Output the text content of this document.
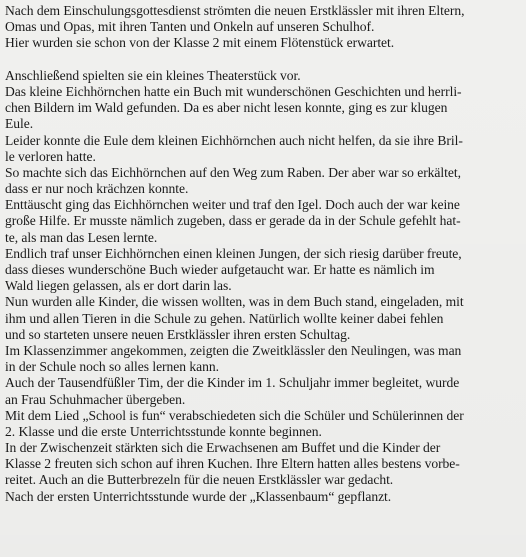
Nach dem Einschulungsgottesdienst strömten die neuen Erstklässler mit ihren Eltern,
Omas und Opas, mit ihren Tanten und Onkeln auf unseren Schulhof.
Hier wurden sie schon von der Klasse 2 mit einem Flötenstück erwartet.
Anschließend spielten sie ein kleines Theaterstück vor.
Das kleine Eichhörnchen hatte ein Buch mit wunderschönen Geschichten und herrli-
chen Bildern im Wald gefunden. Da es aber nicht lesen konnte, ging es zur klugen
Eule.
Leider konnte die Eule dem kleinen Eichhörnchen auch nicht helfen, da sie ihre Bril-
le verloren hatte.
So machte sich das Eichhörnchen auf den Weg zum Raben. Der aber war so erkältet,
dass er nur noch krächzen konnte.
Enttäuscht ging das Eichhörnchen weiter und traf den Igel. Doch auch der war keine
große Hilfe. Er musste nämlich zugeben, dass er gerade da in der Schule gefehlt hat-
te, als man das Lesen lernte.
Endlich traf unser Eichhörnchen einen kleinen Jungen, der sich riesig darüber freute,
dass dieses wunderschöne Buch wieder aufgetaucht war. Er hatte es nämlich im
Wald liegen gelassen, als er dort darin las.
Nun wurden alle Kinder, die wissen wollten, was in dem Buch stand, eingeladen, mit
ihm und allen Tieren in die Schule zu gehen. Natürlich wollte keiner dabei fehlen
und so starteten unsere neuen Erstklässler ihren ersten Schultag.
Im Klassenzimmer angekommen, zeigten die Zweitklässler den Neulingen, was man
in der Schule noch so alles lernen kann.
Auch der Tausendfüßler Tim, der die Kinder im 1. Schuljahr immer begleitet, wurde
an Frau Schuhmacher übergeben.
Mit dem Lied „School is fun“ verabschiedeten sich die Schüler und Schülerinnen der
2. Klasse und die erste Unterrichtsstunde konnte beginnen.
In der Zwischenzeit stärkten sich die Erwachsenen am Buffet und die Kinder der
Klasse 2 freuten sich schon auf ihren Kuchen. Ihre Eltern hatten alles bestens vorbe-
reitet. Auch an die Butterbrezeln für die neuen Erstklässler war gedacht.
Nach der ersten Unterrichtsstunde wurde der „Klassenbaum“ gepflanzt.
